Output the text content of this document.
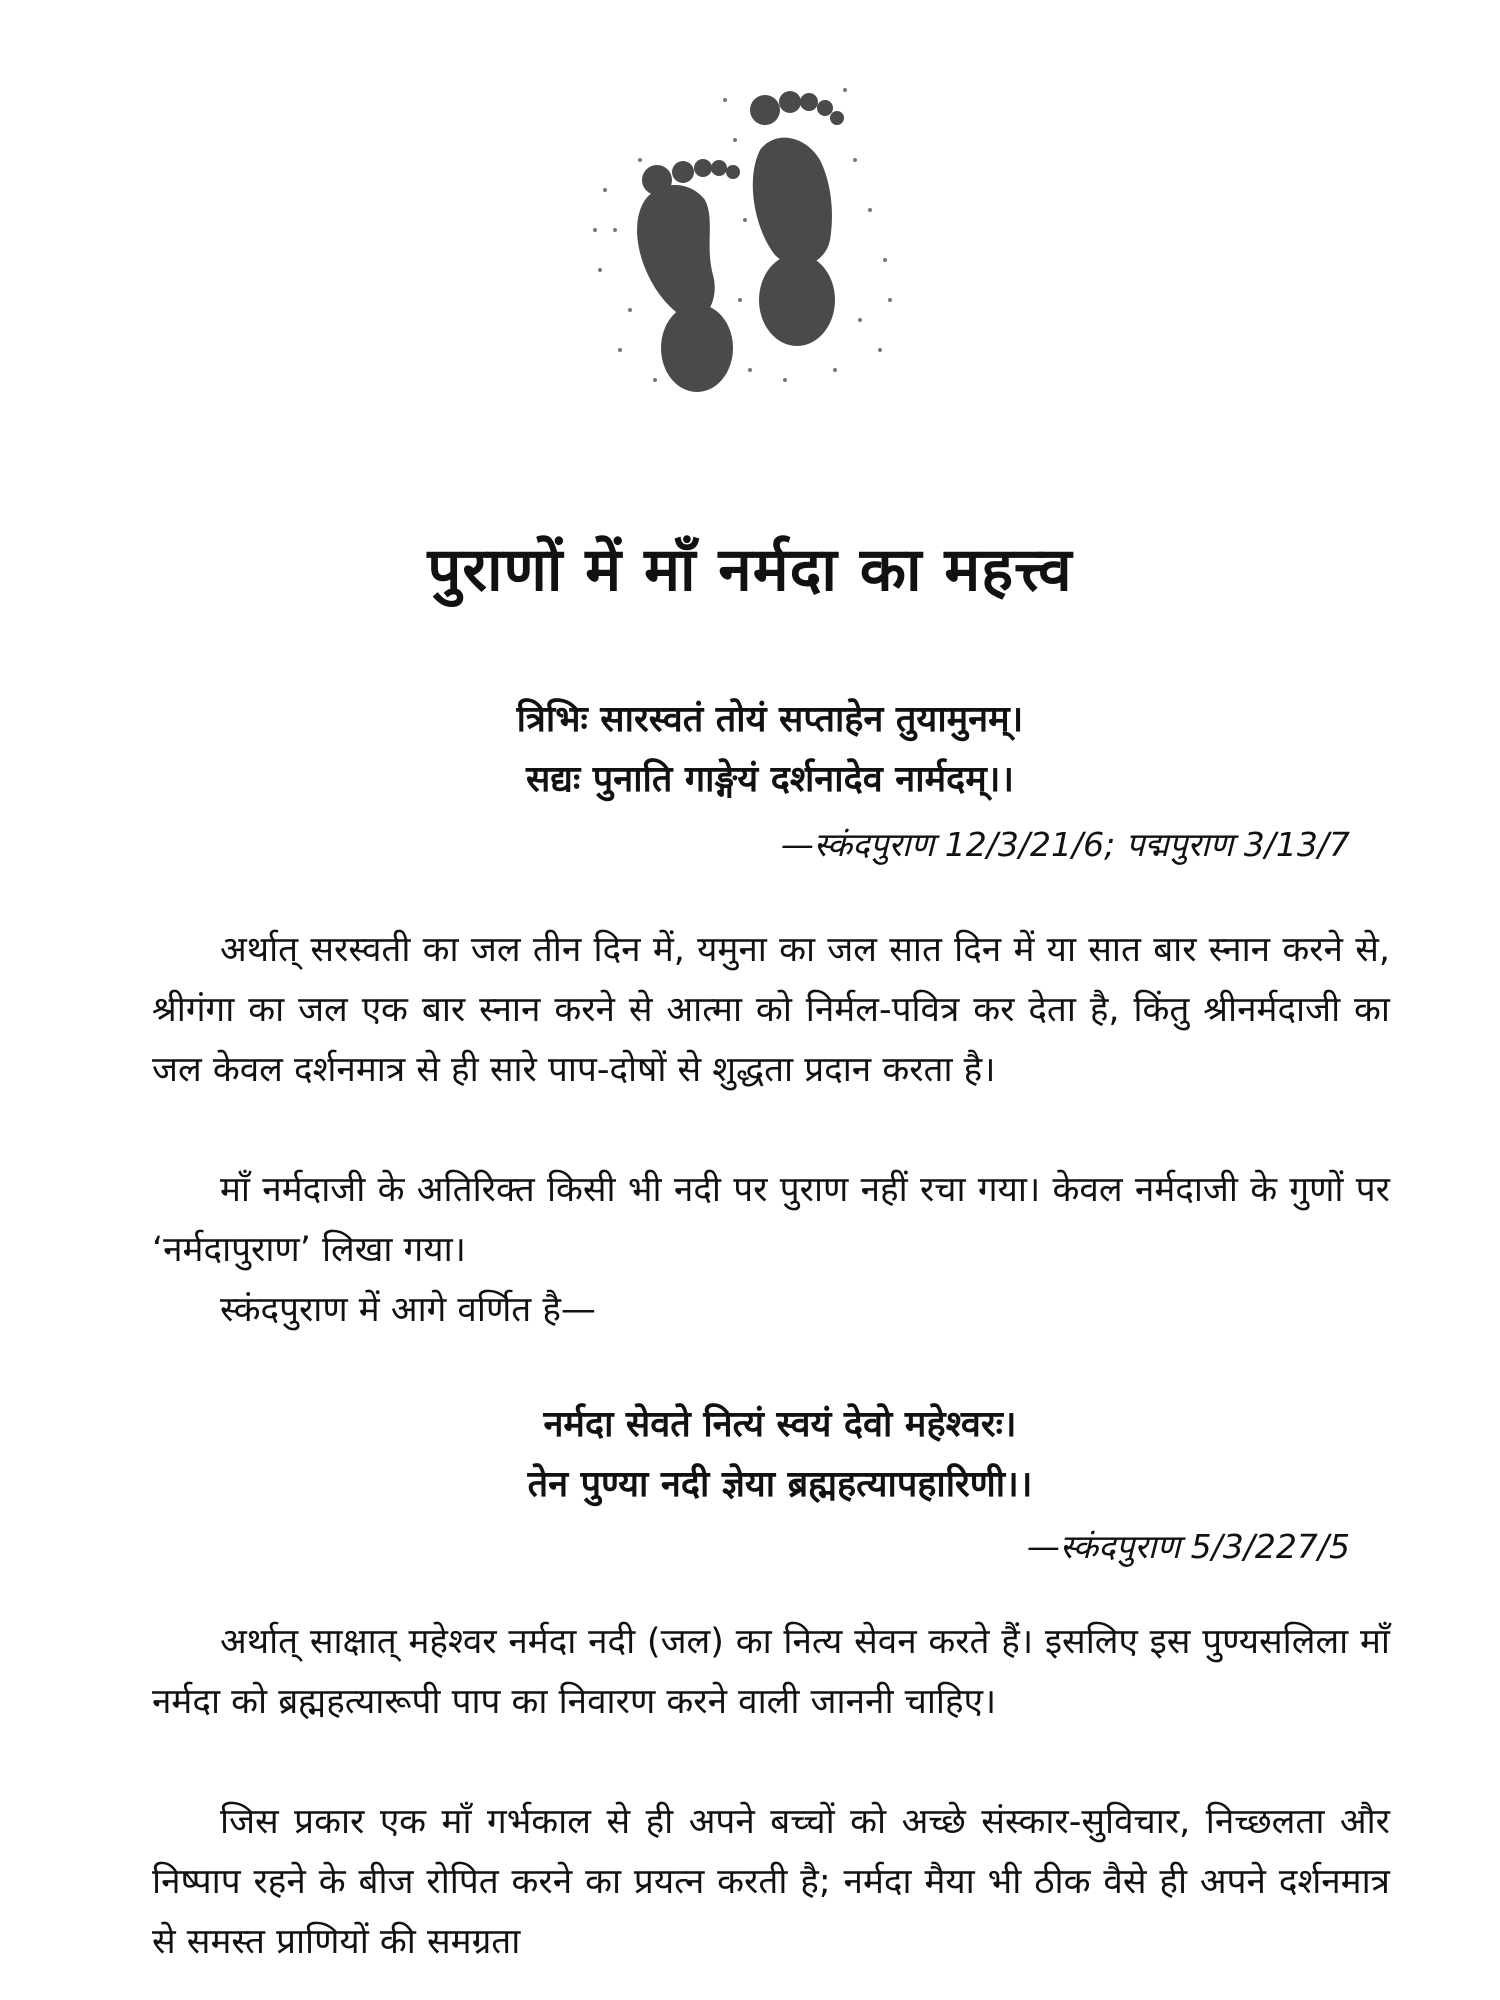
पुराणों में माँ नर्मदा का महत्त्व
त्रिभिः सारस्वतं तोयं सप्ताहेन तुयामुनम्।
सद्यः पुनाति गाङ्गेयं दर्शनादेव नार्मदम्।।
—स्कंदपुराण 12/3/21/6; पद्मपुराण 3/13/7
अर्थात् सरस्वती का जल तीन दिन में, यमुना का जल सात दिन में या सात बार स्नान करने से, श्रीगंगा का जल एक बार स्नान करने से आत्मा को निर्मल-पवित्र कर देता है, किंतु श्रीनर्मदाजी का जल केवल दर्शनमात्र से ही सारे पाप-दोषों से शुद्धता प्रदान करता है।
माँ नर्मदाजी के अतिरिक्त किसी भी नदी पर पुराण नहीं रचा गया। केवल नर्मदाजी के गुणों पर ‘नर्मदापुराण’ लिखा गया।
स्कंदपुराण में आगे वर्णित है—
नर्मदा सेवते नित्यं स्वयं देवो महेश्वरः।
तेन पुण्या नदी ज्ञेया ब्रह्महत्यापहारिणी।।
—स्कंदपुराण 5/3/227/5
अर्थात् साक्षात् महेश्वर नर्मदा नदी (जल) का नित्य सेवन करते हैं। इसलिए इस पुण्यसलिला माँ नर्मदा को ब्रह्महत्यारूपी पाप का निवारण करने वाली जाननी चाहिए।
जिस प्रकार एक माँ गर्भकाल से ही अपने बच्चों को अच्छे संस्कार-सुविचार, निच्छलता और निष्पाप रहने के बीज रोपित करने का प्रयत्न करती है; नर्मदा मैया भी ठीक वैसे ही अपने दर्शनमात्र से समस्त प्राणियों की समग्रता
